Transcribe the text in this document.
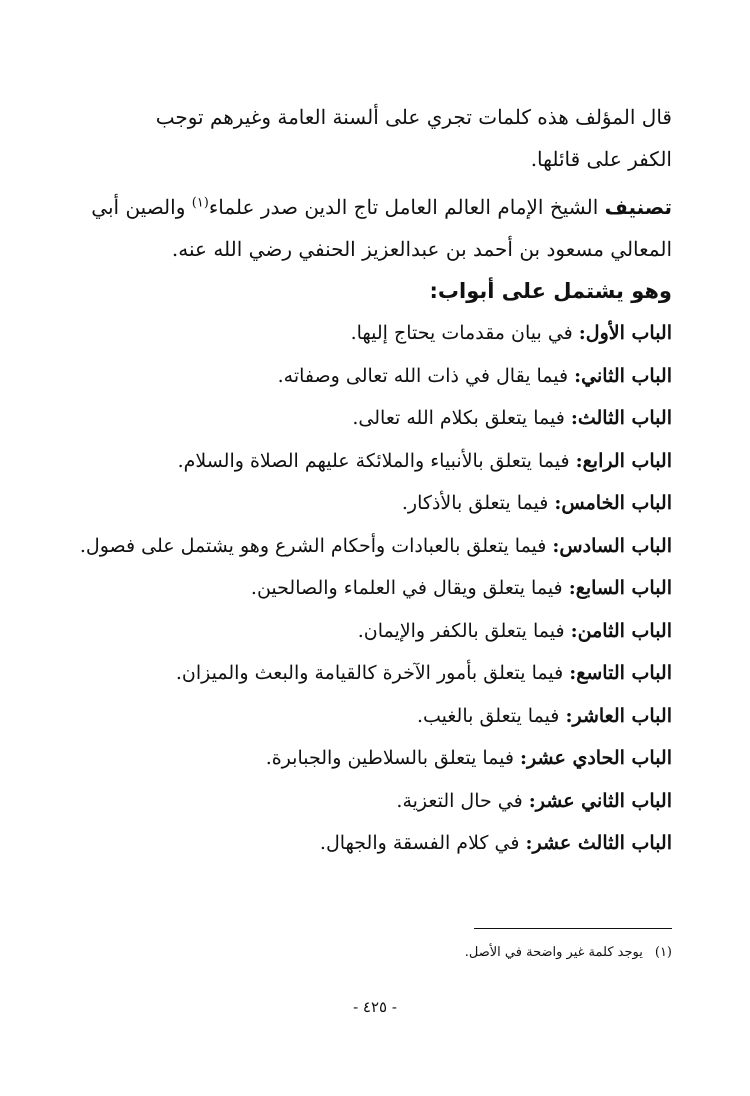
قال المؤلف هذه كلمات تجري على ألسنة العامة وغيرهم توجب
الكفر على قائلها.

تصنيف الشيخ الإمام العالم العامل تاج الدين صدر علماء$^{(١)}$ والصين أبي
المعالي مسعود بن أحمد بن عبدالعزيز الحنفي رضي الله عنه.

وهو يشتمل على أبواب:

الباب الأول: في بيان مقدمات يحتاج إليها.
الباب الثاني: فيما يقال في ذات الله تعالى وصفاته.
الباب الثالث: فيما يتعلق بكلام الله تعالى.
الباب الرابع: فيما يتعلق بالأنبياء والملائكة عليهم الصلاة والسلام.
الباب الخامس: فيما يتعلق بالأذكار.
الباب السادس: فيما يتعلق بالعبادات وأحكام الشرع وهو يشتمل على فصول.
الباب السابع: فيما يتعلق ويقال في العلماء والصالحين.
الباب الثامن: فيما يتعلق بالكفر والإيمان.
الباب التاسع: فيما يتعلق بأمور الآخرة كالقيامة والبعث والميزان.
الباب العاشر: فيما يتعلق بالغيب.
الباب الحادي عشر: فيما يتعلق بالسلاطين والجبابرة.
الباب الثاني عشر: في حال التعزية.
الباب الثالث عشر: في كلام الفسقة والجهال.
(١)يوجد كلمة غير واضحة في الأصل.
- ٤٢٥ -
